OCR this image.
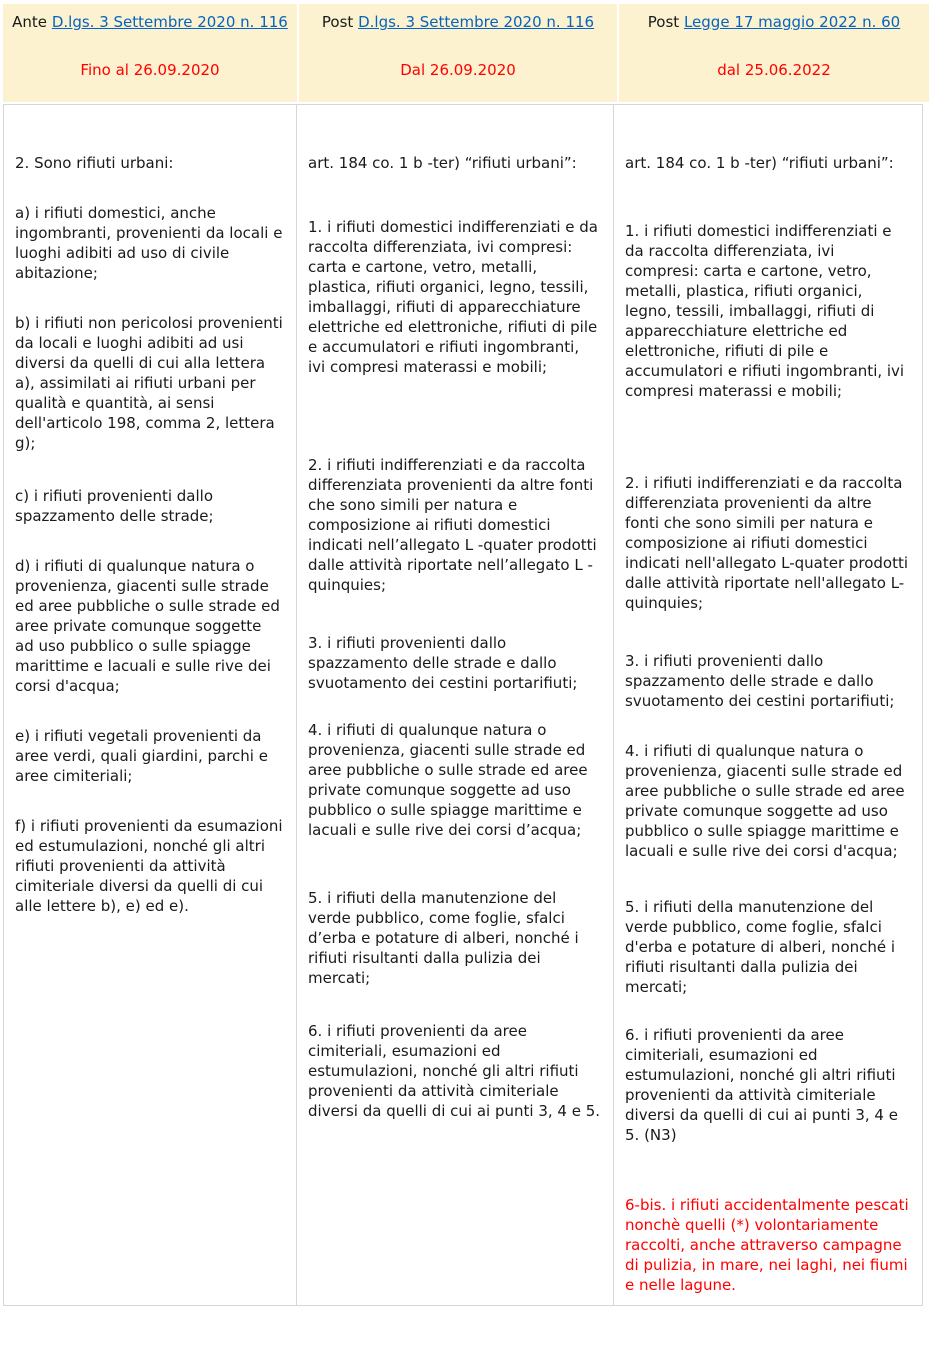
Ante D.lgs. 3 Settembre 2020 n. 116
Fino al 26.09.2020
Post D.lgs. 3 Settembre 2020 n. 116
Dal 26.09.2020
Post Legge 17 maggio 2022 n. 60
dal 25.06.2022

2. Sono rifiuti urbani:

a) i rifiuti domestici, anche ingombranti, provenienti da locali e luoghi adibiti ad uso di civile abitazione;

b) i rifiuti non pericolosi provenienti da locali e luoghi adibiti ad usi diversi da quelli di cui alla lettera a), assimilati ai rifiuti urbani per qualità e quantità, ai sensi dell'articolo 198, comma 2, lettera g);

c) i rifiuti provenienti dallo spazzamento delle strade;

d) i rifiuti di qualunque natura o provenienza, giacenti sulle strade ed aree pubbliche o sulle strade ed aree private comunque soggette ad uso pubblico o sulle spiagge marittime e lacuali e sulle rive dei corsi d'acqua;

e) i rifiuti vegetali provenienti da aree verdi, quali giardini, parchi e aree cimiteriali;

f) i rifiuti provenienti da esumazioni ed estumulazioni, nonché gli altri rifiuti provenienti da attività cimiteriale diversi da quelli di cui alle lettere b), e) ed e).

art. 184 co. 1 b -ter) “rifiuti urbani”:

1. i rifiuti domestici indifferenziati e da raccolta differenziata, ivi compresi: carta e cartone, vetro, metalli, plastica, rifiuti organici, legno, tessili, imballaggi, rifiuti di apparecchiature elettriche ed elettroniche, rifiuti di pile e accumulatori e rifiuti ingombranti, ivi compresi materassi e mobili;

2. i rifiuti indifferenziati e da raccolta differenziata provenienti da altre fonti che sono simili per natura e composizione ai rifiuti domestici indicati nell’allegato L -quater prodotti dalle attività riportate nell’allegato L -quinquies;

3. i rifiuti provenienti dallo spazzamento delle strade e dallo svuotamento dei cestini portarifiuti;

4. i rifiuti di qualunque natura o provenienza, giacenti sulle strade ed aree pubbliche o sulle strade ed aree private comunque soggette ad uso pubblico o sulle spiagge marittime e lacuali e sulle rive dei corsi d’acqua;

5. i rifiuti della manutenzione del verde pubblico, come foglie, sfalci d’erba e potature di alberi, nonché i rifiuti risultanti dalla pulizia dei mercati;

6. i rifiuti provenienti da aree cimiteriali, esumazioni ed estumulazioni, nonché gli altri rifiuti provenienti da attività cimiteriale diversi da quelli di cui ai punti 3, 4 e 5.

art. 184 co. 1 b -ter) “rifiuti urbani”:

1. i rifiuti domestici indifferenziati e da raccolta differenziata, ivi compresi: carta e cartone, vetro, metalli, plastica, rifiuti organici, legno, tessili, imballaggi, rifiuti di apparecchiature elettriche ed elettroniche, rifiuti di pile e accumulatori e rifiuti ingombranti, ivi compresi materassi e mobili;

2. i rifiuti indifferenziati e da raccolta differenziata provenienti da altre fonti che sono simili per natura e composizione ai rifiuti domestici indicati nell'allegato L-quater prodotti dalle attività riportate nell'allegato L-quinquies;

3. i rifiuti provenienti dallo spazzamento delle strade e dallo svuotamento dei cestini portarifiuti;

4. i rifiuti di qualunque natura o provenienza, giacenti sulle strade ed aree pubbliche o sulle strade ed aree private comunque soggette ad uso pubblico o sulle spiagge marittime e lacuali e sulle rive dei corsi d'acqua;

5. i rifiuti della manutenzione del verde pubblico, come foglie, sfalci d'erba e potature di alberi, nonché i rifiuti risultanti dalla pulizia dei mercati;

6. i rifiuti provenienti da aree cimiteriali, esumazioni ed estumulazioni, nonché gli altri rifiuti provenienti da attività cimiteriale diversi da quelli di cui ai punti 3, 4 e 5. (N3)

6-bis. i rifiuti accidentalmente pescati nonchè quelli (*) volontariamente raccolti, anche attraverso campagne di pulizia, in mare, nei laghi, nei fiumi e nelle lagune.
